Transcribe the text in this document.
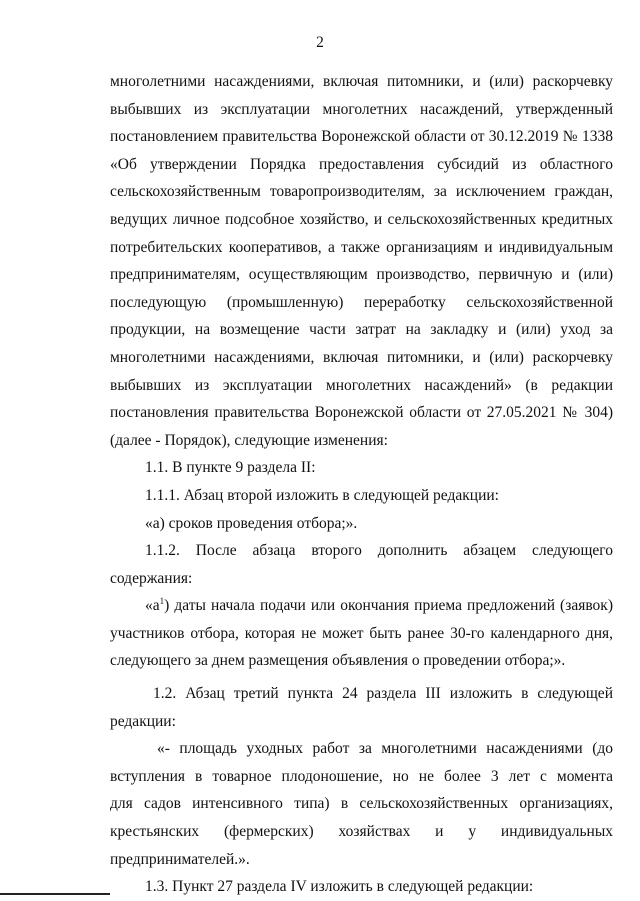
2
многолетними насаждениями, включая питомники, и (или) раскорчевку
выбывших из эксплуатации многолетних насаждений, утвержденный
постановлением правительства Воронежской области от 30.12.2019 № 1338
«Об утверждении Порядка предоставления субсидий из областного
сельскохозяйственным товаропроизводителям, за исключением граждан,
ведущих личное подсобное хозяйство, и сельскохозяйственных кредитных
потребительских кооперативов, а также организациям и индивидуальным
предпринимателям, осуществляющим производство, первичную и (или)
последующую (промышленную) переработку сельскохозяйственной
продукции, на возмещение части затрат на закладку и (или) уход за
многолетними насаждениями, включая питомники, и (или) раскорчевку
выбывших из эксплуатации многолетних насаждений» (в редакции
постановления правительства Воронежской области от 27.05.2021 № 304)
(далее - Порядок), следующие изменения:
1.1. В пункте 9 раздела II:
1.1.1. Абзац второй изложить в следующей редакции:
«а) сроков проведения отбора;».
1.1.2. После абзаца второго дополнить абзацем следующего
содержания:
«$а^1$) даты начала подачи или окончания приема предложений (заявок)
участников отбора, которая не может быть ранее 30-го календарного дня,
следующего за днем размещения объявления о проведении отбора;».
1.2. Абзац третий пункта 24 раздела III изложить в следующей
редакции:
«- площадь уходных работ за многолетними насаждениями (до
вступления в товарное плодоношение, но не более 3 лет с момента
для садов интенсивного типа) в сельскохозяйственных организациях,
крестьянских (фермерских) хозяйствах и у индивидуальных
предпринимателей.».
1.3. Пункт 27 раздела IV изложить в следующей редакции:
